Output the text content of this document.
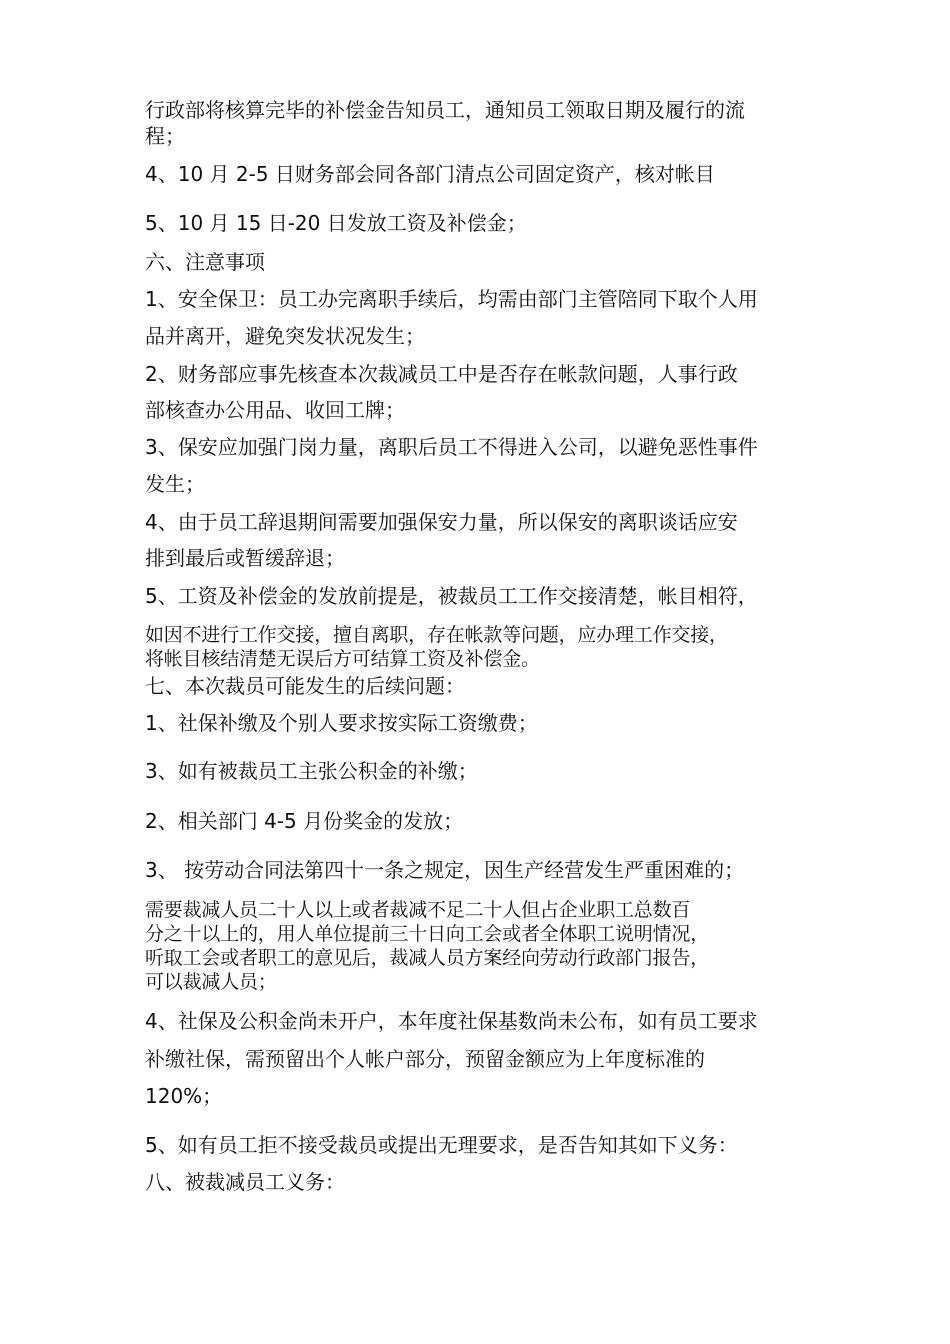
行政部将核算完毕的补偿金告知员工，通知员工领取日期及履行的流
程；
4、10 月 2-5 日财务部会同各部门清点公司固定资产，核对帐目
5、10 月 15 日-20 日发放工资及补偿金；
六、注意事项
1、安全保卫：员工办完离职手续后，均需由部门主管陪同下取个人用
品并离开，避免突发状况发生；
2、财务部应事先核查本次裁减员工中是否存在帐款问题，人事行政
部核查办公用品、收回工牌；
3、保安应加强门岗力量，离职后员工不得进入公司，以避免恶性事件
发生；
4、由于员工辞退期间需要加强保安力量，所以保安的离职谈话应安
排到最后或暂缓辞退；
5、工资及补偿金的发放前提是，被裁员工工作交接清楚，帐目相符，
如因不进行工作交接，擅自离职，存在帐款等问题，应办理工作交接，
将帐目核结清楚无误后方可结算工资及补偿金。
七、本次裁员可能发生的后续问题：
1、社保补缴及个别人要求按实际工资缴费；
3、如有被裁员工主张公积金的补缴；
2、相关部门 4-5 月份奖金的发放；
3、 按劳动合同法第四十一条之规定，因生产经营发生严重困难的；
需要裁减人员二十人以上或者裁减不足二十人但占企业职工总数百
分之十以上的，用人单位提前三十日向工会或者全体职工说明情况，
听取工会或者职工的意见后，裁减人员方案经向劳动行政部门报告，
可以裁减人员；
4、社保及公积金尚未开户，本年度社保基数尚未公布，如有员工要求
补缴社保，需预留出个人帐户部分，预留金额应为上年度标准的
120%；
5、如有员工拒不接受裁员或提出无理要求，是否告知其如下义务：
八、被裁减员工义务：
